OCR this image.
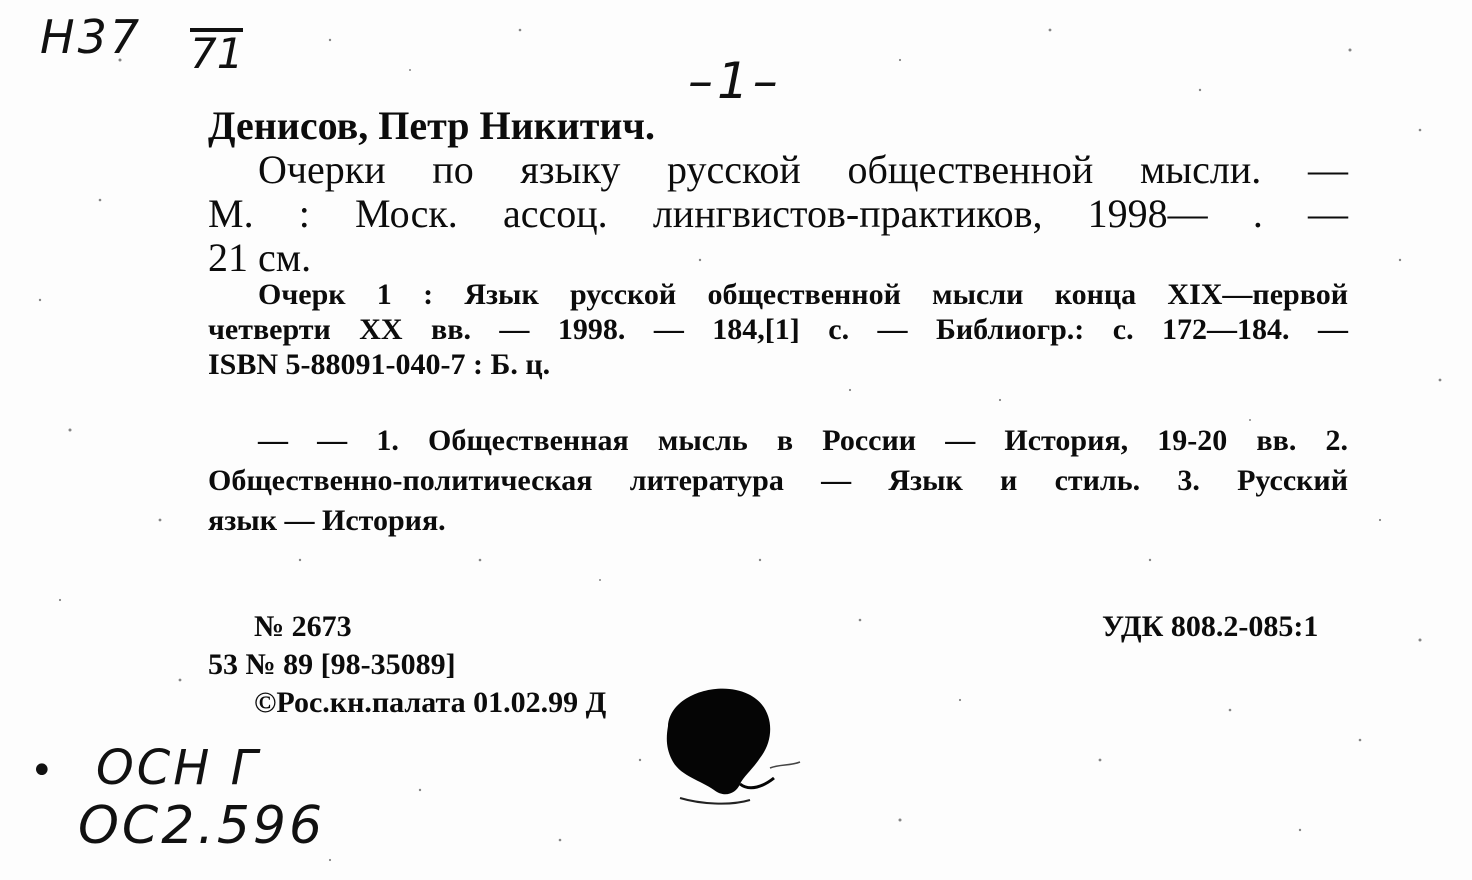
Н37 71	–1–
Денисов, Петр Никитич.
Очерки по языку русской общественной мысли. —
М. : Моск. ассоц. лингвистов-практиков, 1998— . —
21 см.
Очерк 1 : Язык русской общественной мысли конца XIX—первой
четверти XX вв. — 1998. — 184,[1] с. — Библиогр.: с. 172—184. —
ISBN 5-88091-040-7 : Б. ц.
— — 1. Общественная мысль в России — История, 19-20 вв. 2.
Общественно-политическая литература — Язык и стиль. 3. Русский
язык — История.
№ 2673
53 № 89 [98-35089]
©Рос.кн.палата 01.02.99 Д
УДК 808.2-085:1
• ОСН Г
ОС2.596
